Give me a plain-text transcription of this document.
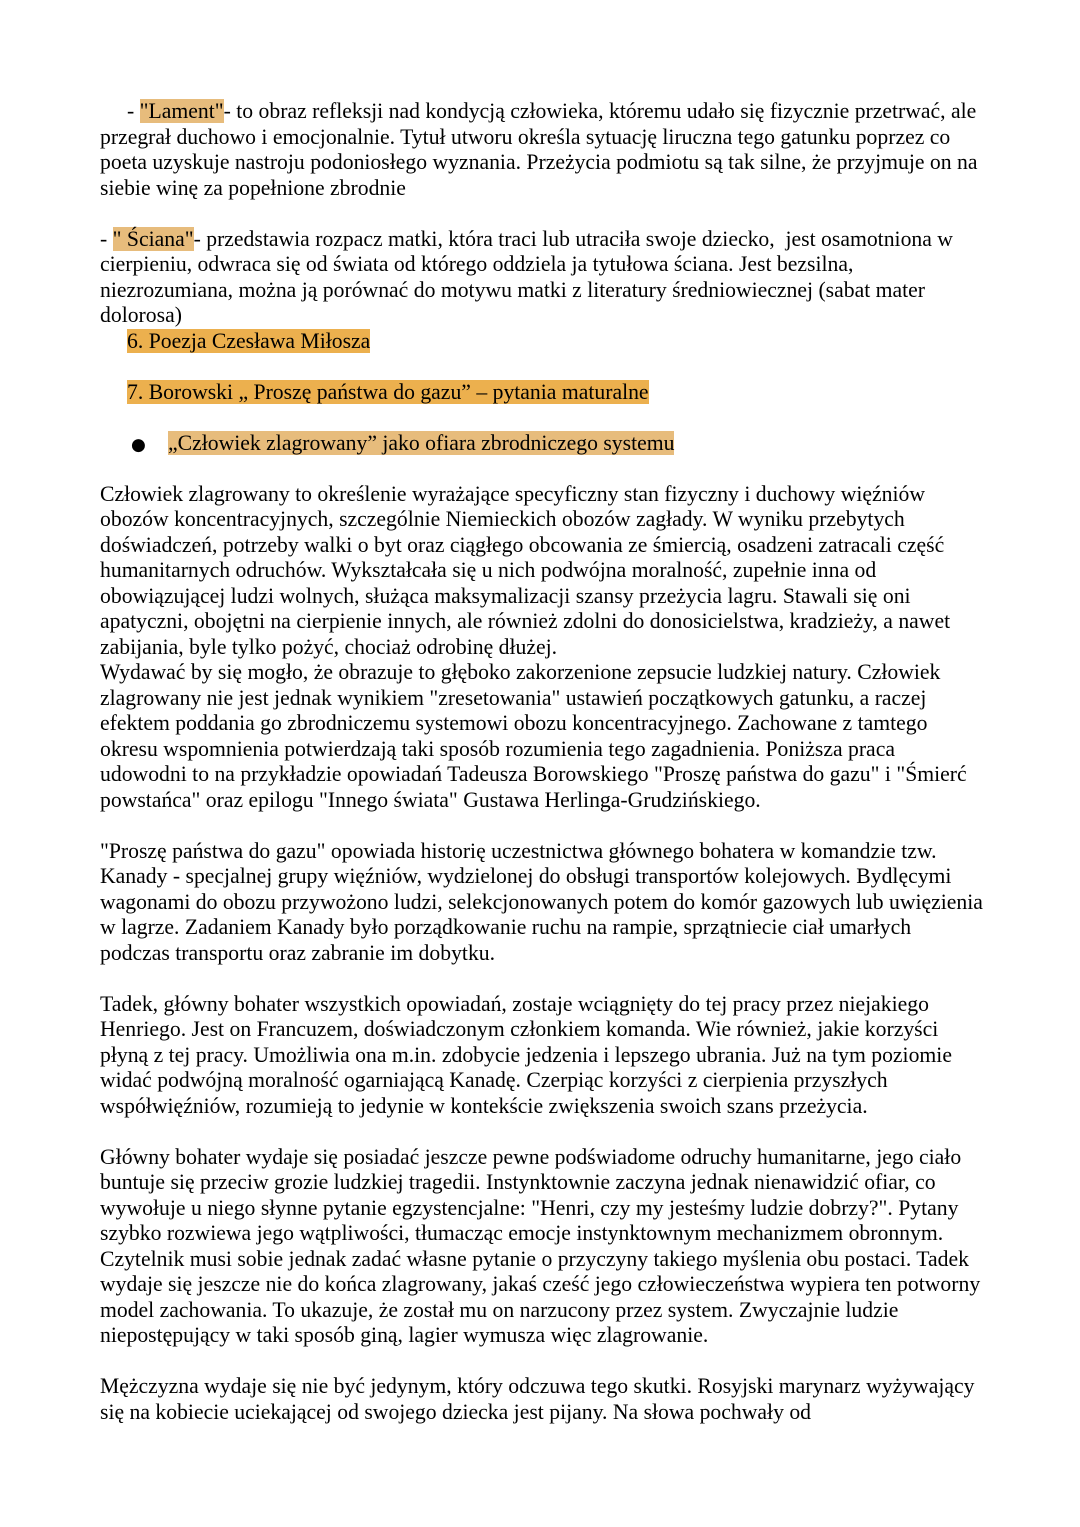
- "Lament"- to obraz refleksji nad kondycją człowieka, któremu udało się fizycznie przetrwać, ale przegrał duchowo i emocjonalnie. Tytuł utworu określa sytuację liruczna tego gatunku poprzez co poeta uzyskuje nastroju podoniosłego wyznania. Przeżycia podmiotu są tak silne, że przyjmuje on na siebie winę za popełnione zbrodnie
- " Ściana"- przedstawia rozpacz matki, która traci lub utraciła swoje dziecko,  jest osamotniona w cierpieniu, odwraca się od świata od którego oddziela ja tytułowa ściana. Jest bezsilna, niezrozumiana, można ją porównać do motywu matki z literatury średniowiecznej (sabat mater dolorosa)
6. Poezja Czesława Miłosza
7. Borowski „ Proszę państwa do gazu” – pytania maturalne
● „Człowiek zlagrowany” jako ofiara zbrodniczego systemu
Człowiek zlagrowany to określenie wyrażające specyficzny stan fizyczny i duchowy więźniów obozów koncentracyjnych, szczególnie Niemieckich obozów zagłady. W wyniku przebytych doświadczeń, potrzeby walki o byt oraz ciągłego obcowania ze śmiercią, osadzeni zatracali część humanitarnych odruchów. Wykształcała się u nich podwójna moralność, zupełnie inna od obowiązującej ludzi wolnych, służąca maksymalizacji szansy przeżycia lagru. Stawali się oni apatyczni, obojętni na cierpienie innych, ale również zdolni do donosicielstwa, kradzieży, a nawet zabijania, byle tylko pożyć, chociaż odrobinę dłużej.
Wydawać by się mogło, że obrazuje to głęboko zakorzenione zepsucie ludzkiej natury. Człowiek zlagrowany nie jest jednak wynikiem "zresetowania" ustawień początkowych gatunku, a raczej efektem poddania go zbrodniczemu systemowi obozu koncentracyjnego. Zachowane z tamtego okresu wspomnienia potwierdzają taki sposób rozumienia tego zagadnienia. Poniższa praca udowodni to na przykładzie opowiadań Tadeusza Borowskiego "Proszę państwa do gazu" i "Śmierć powstańca" oraz epilogu "Innego świata" Gustawa Herlinga-Grudzińskiego.
"Proszę państwa do gazu" opowiada historię uczestnictwa głównego bohatera w komandzie tzw. Kanady - specjalnej grupy więźniów, wydzielonej do obsługi transportów kolejowych. Bydlęcymi wagonami do obozu przywożono ludzi, selekcjonowanych potem do komór gazowych lub uwięzienia w lagrze. Zadaniem Kanady było porządkowanie ruchu na rampie, sprzątniecie ciał umarłych podczas transportu oraz zabranie im dobytku.
Tadek, główny bohater wszystkich opowiadań, zostaje wciągnięty do tej pracy przez niejakiego Henriego. Jest on Francuzem, doświadczonym członkiem komanda. Wie również, jakie korzyści płyną z tej pracy. Umożliwia ona m.in. zdobycie jedzenia i lepszego ubrania. Już na tym poziomie widać podwójną moralność ogarniającą Kanadę. Czerpiąc korzyści z cierpienia przyszłych współwięźniów, rozumieją to jedynie w kontekście zwiększenia swoich szans przeżycia.
Główny bohater wydaje się posiadać jeszcze pewne podświadome odruchy humanitarne, jego ciało buntuje się przeciw grozie ludzkiej tragedii. Instynktownie zaczyna jednak nienawidzić ofiar, co wywołuje u niego słynne pytanie egzystencjalne: "Henri, czy my jesteśmy ludzie dobrzy?". Pytany szybko rozwiewa jego wątpliwości, tłumacząc emocje instynktownym mechanizmem obronnym. Czytelnik musi sobie jednak zadać własne pytanie o przyczyny takiego myślenia obu postaci. Tadek wydaje się jeszcze nie do końca zlagrowany, jakaś cześć jego człowieczeństwa wypiera ten potworny model zachowania. To ukazuje, że został mu on narzucony przez system. Zwyczajnie ludzie niepostępujący w taki sposób giną, lagier wymusza więc zlagrowanie.
Mężczyzna wydaje się nie być jedynym, który odczuwa tego skutki. Rosyjski marynarz wyżywający się na kobiecie uciekającej od swojego dziecka jest pijany. Na słowa pochwały od
